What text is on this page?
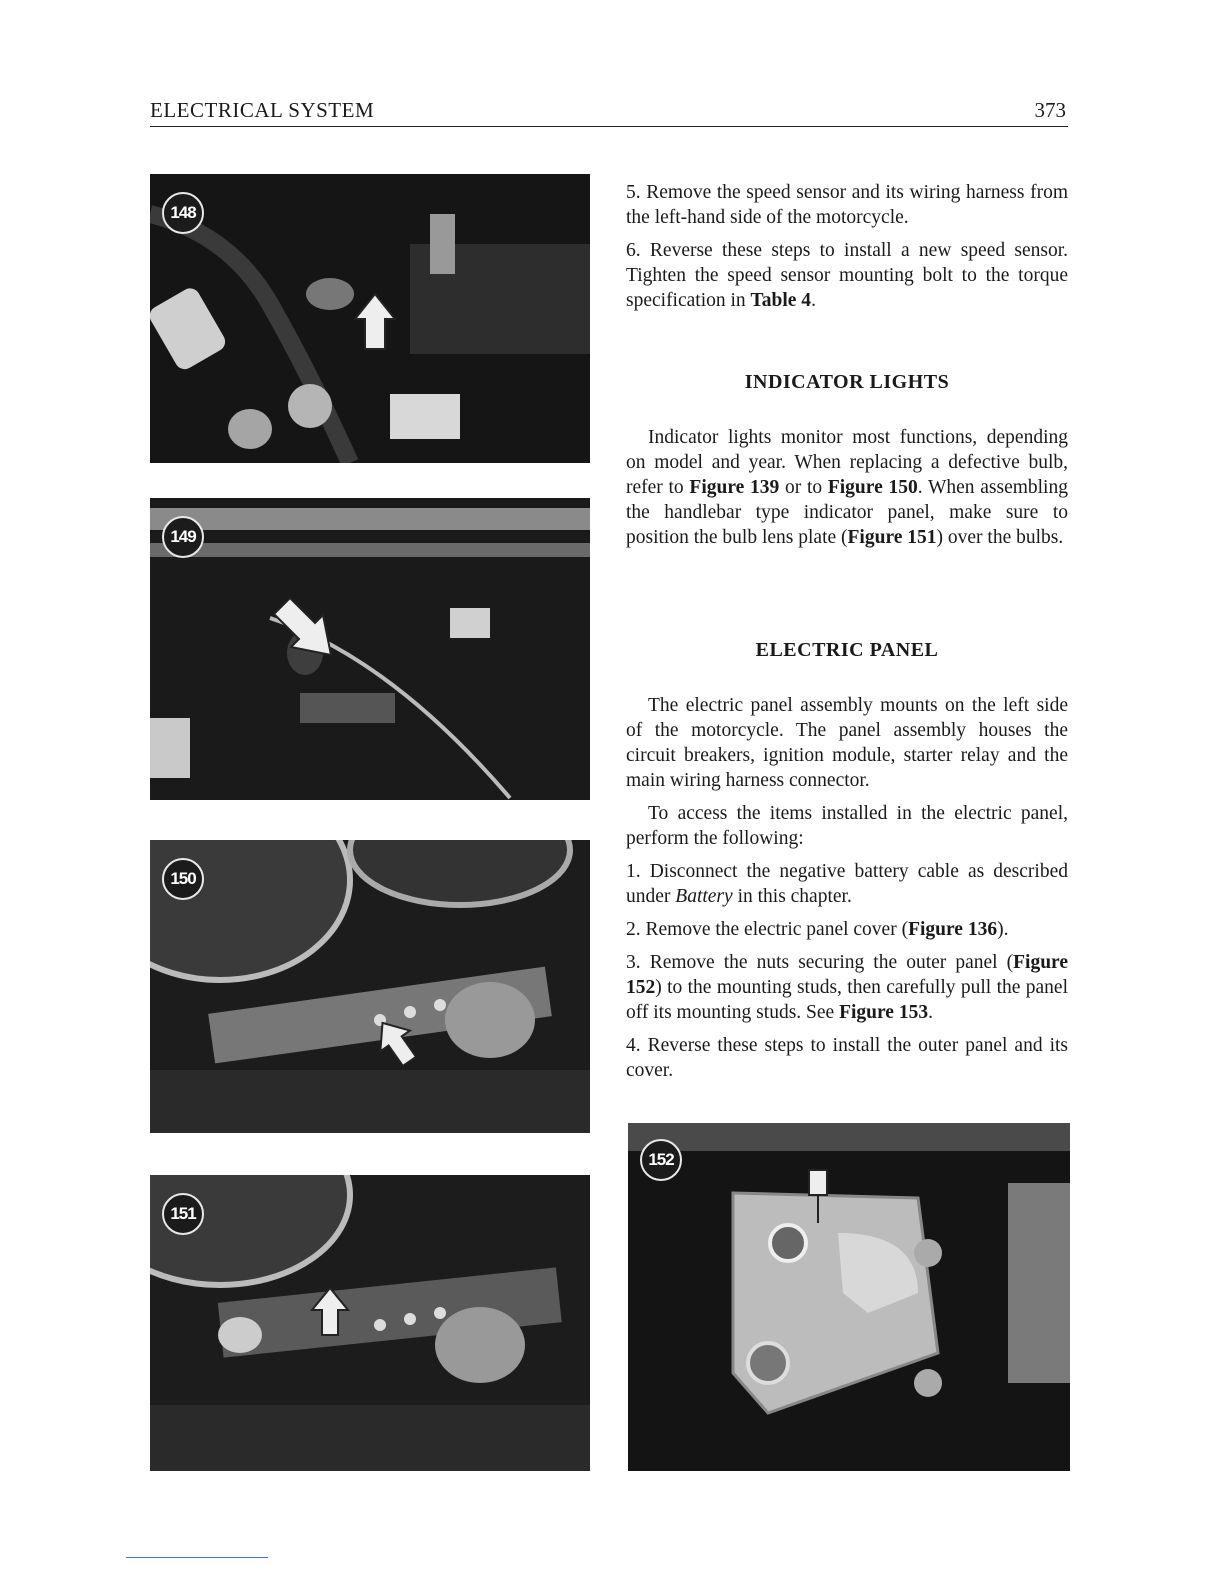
ELECTRICAL SYSTEM	373
148
149
150
151
152

5. Remove the speed sensor and its wiring harness from the left-hand side of the motorcycle.

6. Reverse these steps to install a new speed sensor. Tighten the speed sensor mounting bolt to the torque specification in Table 4.

INDICATOR LIGHTS

Indicator lights monitor most functions, depending on model and year. When replacing a defective bulb, refer to Figure 139 or to Figure 150. When assembling the handlebar type indicator panel, make sure to position the bulb lens plate (Figure 151) over the bulbs.

ELECTRIC PANEL

The electric panel assembly mounts on the left side of the motorcycle. The panel assembly houses the circuit breakers, ignition module, starter relay and the main wiring harness connector.

To access the items installed in the electric panel, perform the following:

1. Disconnect the negative battery cable as described under Battery in this chapter.

2. Remove the electric panel cover (Figure 136).

3. Remove the nuts securing the outer panel (Figure 152) to the mounting studs, then carefully pull the panel off its mounting studs. See Figure 153.

4. Reverse these steps to install the outer panel and its cover.
